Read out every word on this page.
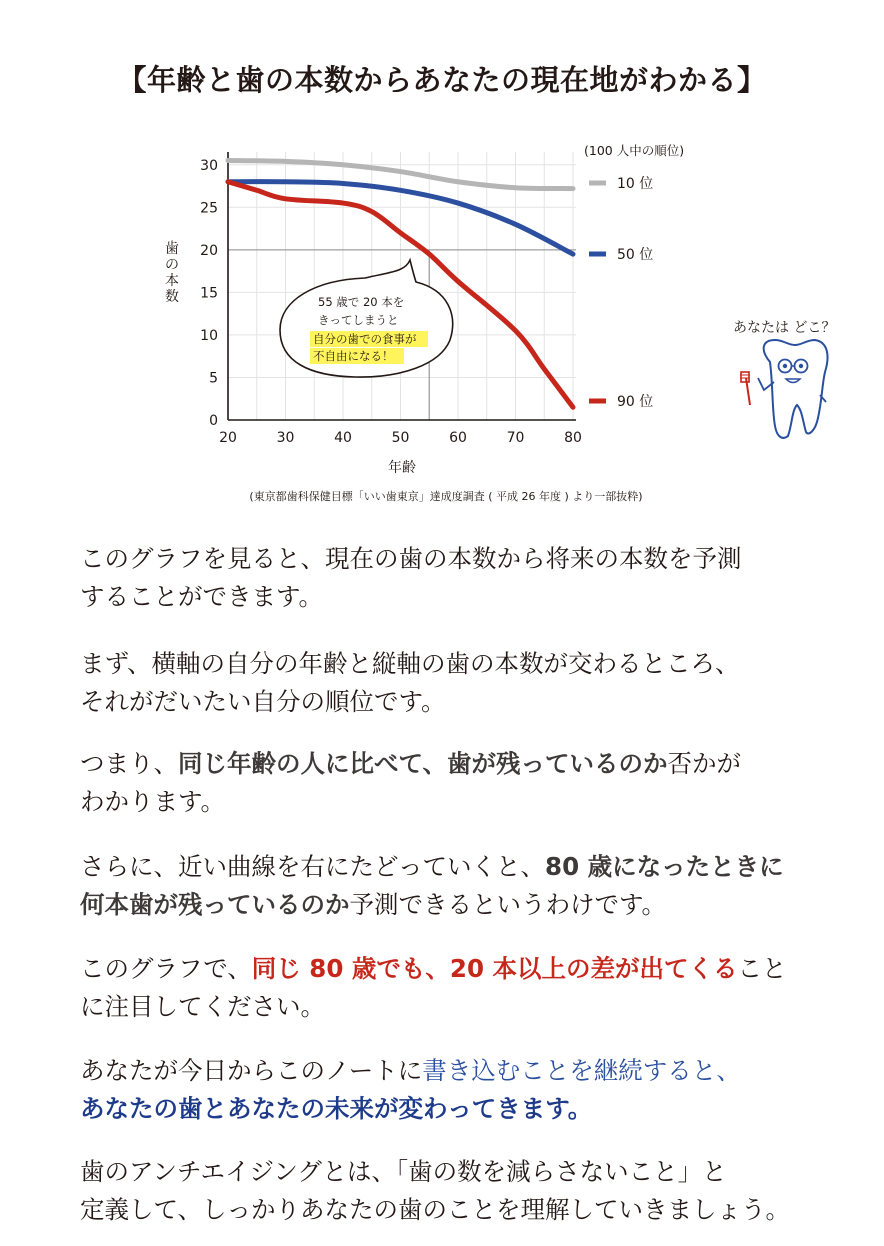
【年齢と歯の本数からあなたの現在地がわかる】
20	30	40	50	60	70	80
0
5
10
15
20
25
30
55 歳で 20 本を
きってしまうと
自分の歯での食事が
不自由になる！
歯
の
本
数
年齢
(東京都歯科保健目標「いい歯東京」達成度調査 ( 平成 26 年度 ) より一部抜粋)
(100 人中の順位)
10 位
50 位
90 位
あなたは どこ？
このグラフを見ると、現在の歯の本数から将来の本数を予測
することができます。
まず、横軸の自分の年齢と縦軸の歯の本数が交わるところ、
それがだいたい自分の順位です。
つまり、同じ年齢の人に比べて、歯が残っているのか否かが
わかります。
さらに、近い曲線を右にたどっていくと、80 歳になったときに
何本歯が残っているのか予測できるというわけです。
このグラフで、同じ 80 歳でも、20 本以上の差が出てくること
に注目してください。
あなたが今日からこのノートに書き込むことを継続すると、
あなたの歯とあなたの未来が変わってきます。
歯のアンチエイジングとは、「歯の数を減らさないこと」と
定義して、しっかりあなたの歯のことを理解していきましょう。
